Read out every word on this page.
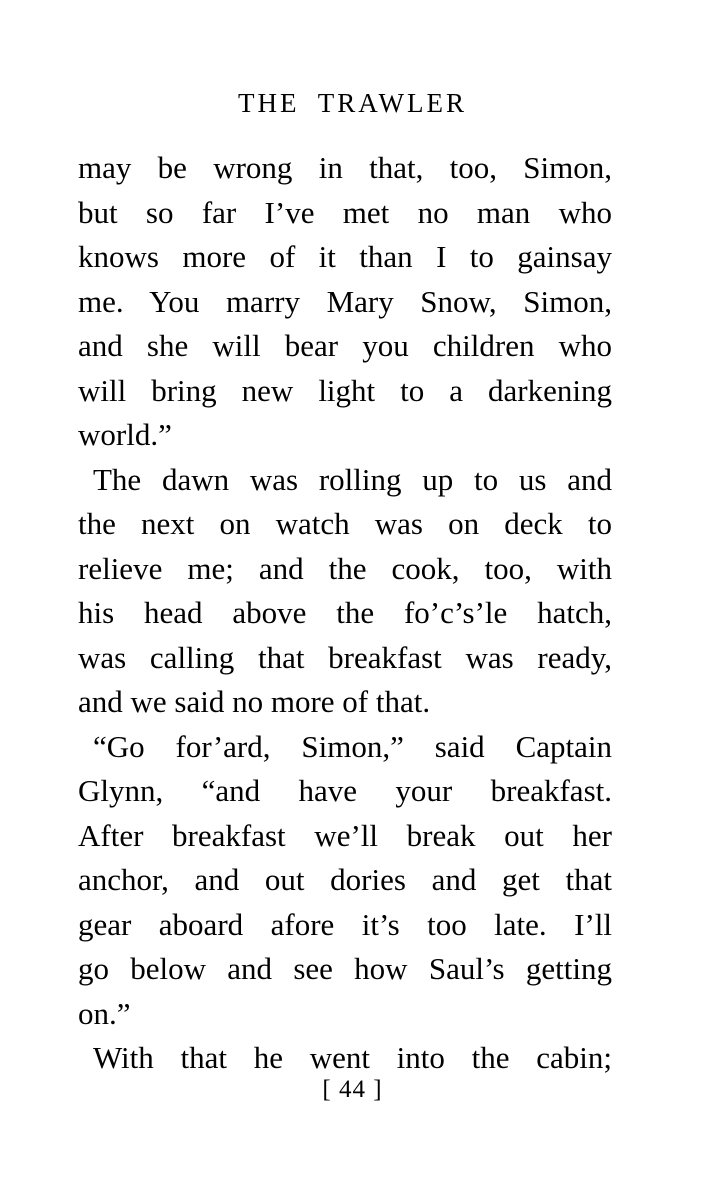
THE TRAWLER
may be wrong in that, too, Simon,
but so far I’ve met no man who
knows more of it than I to gainsay
me. You marry Mary Snow, Simon,
and she will bear you children who
will bring new light to a darkening
world.”
The dawn was rolling up to us and
the next on watch was on deck to
relieve me; and the cook, too, with
his head above the fo’c’s’le hatch,
was calling that breakfast was ready,
and we said no more of that.
“Go for’ard, Simon,” said Captain
Glynn, “and have your breakfast.
After breakfast we’ll break out her
anchor, and out dories and get that
gear aboard afore it’s too late. I’ll
go below and see how Saul’s getting
on.”
With that he went into the cabin;
[ 44 ]
